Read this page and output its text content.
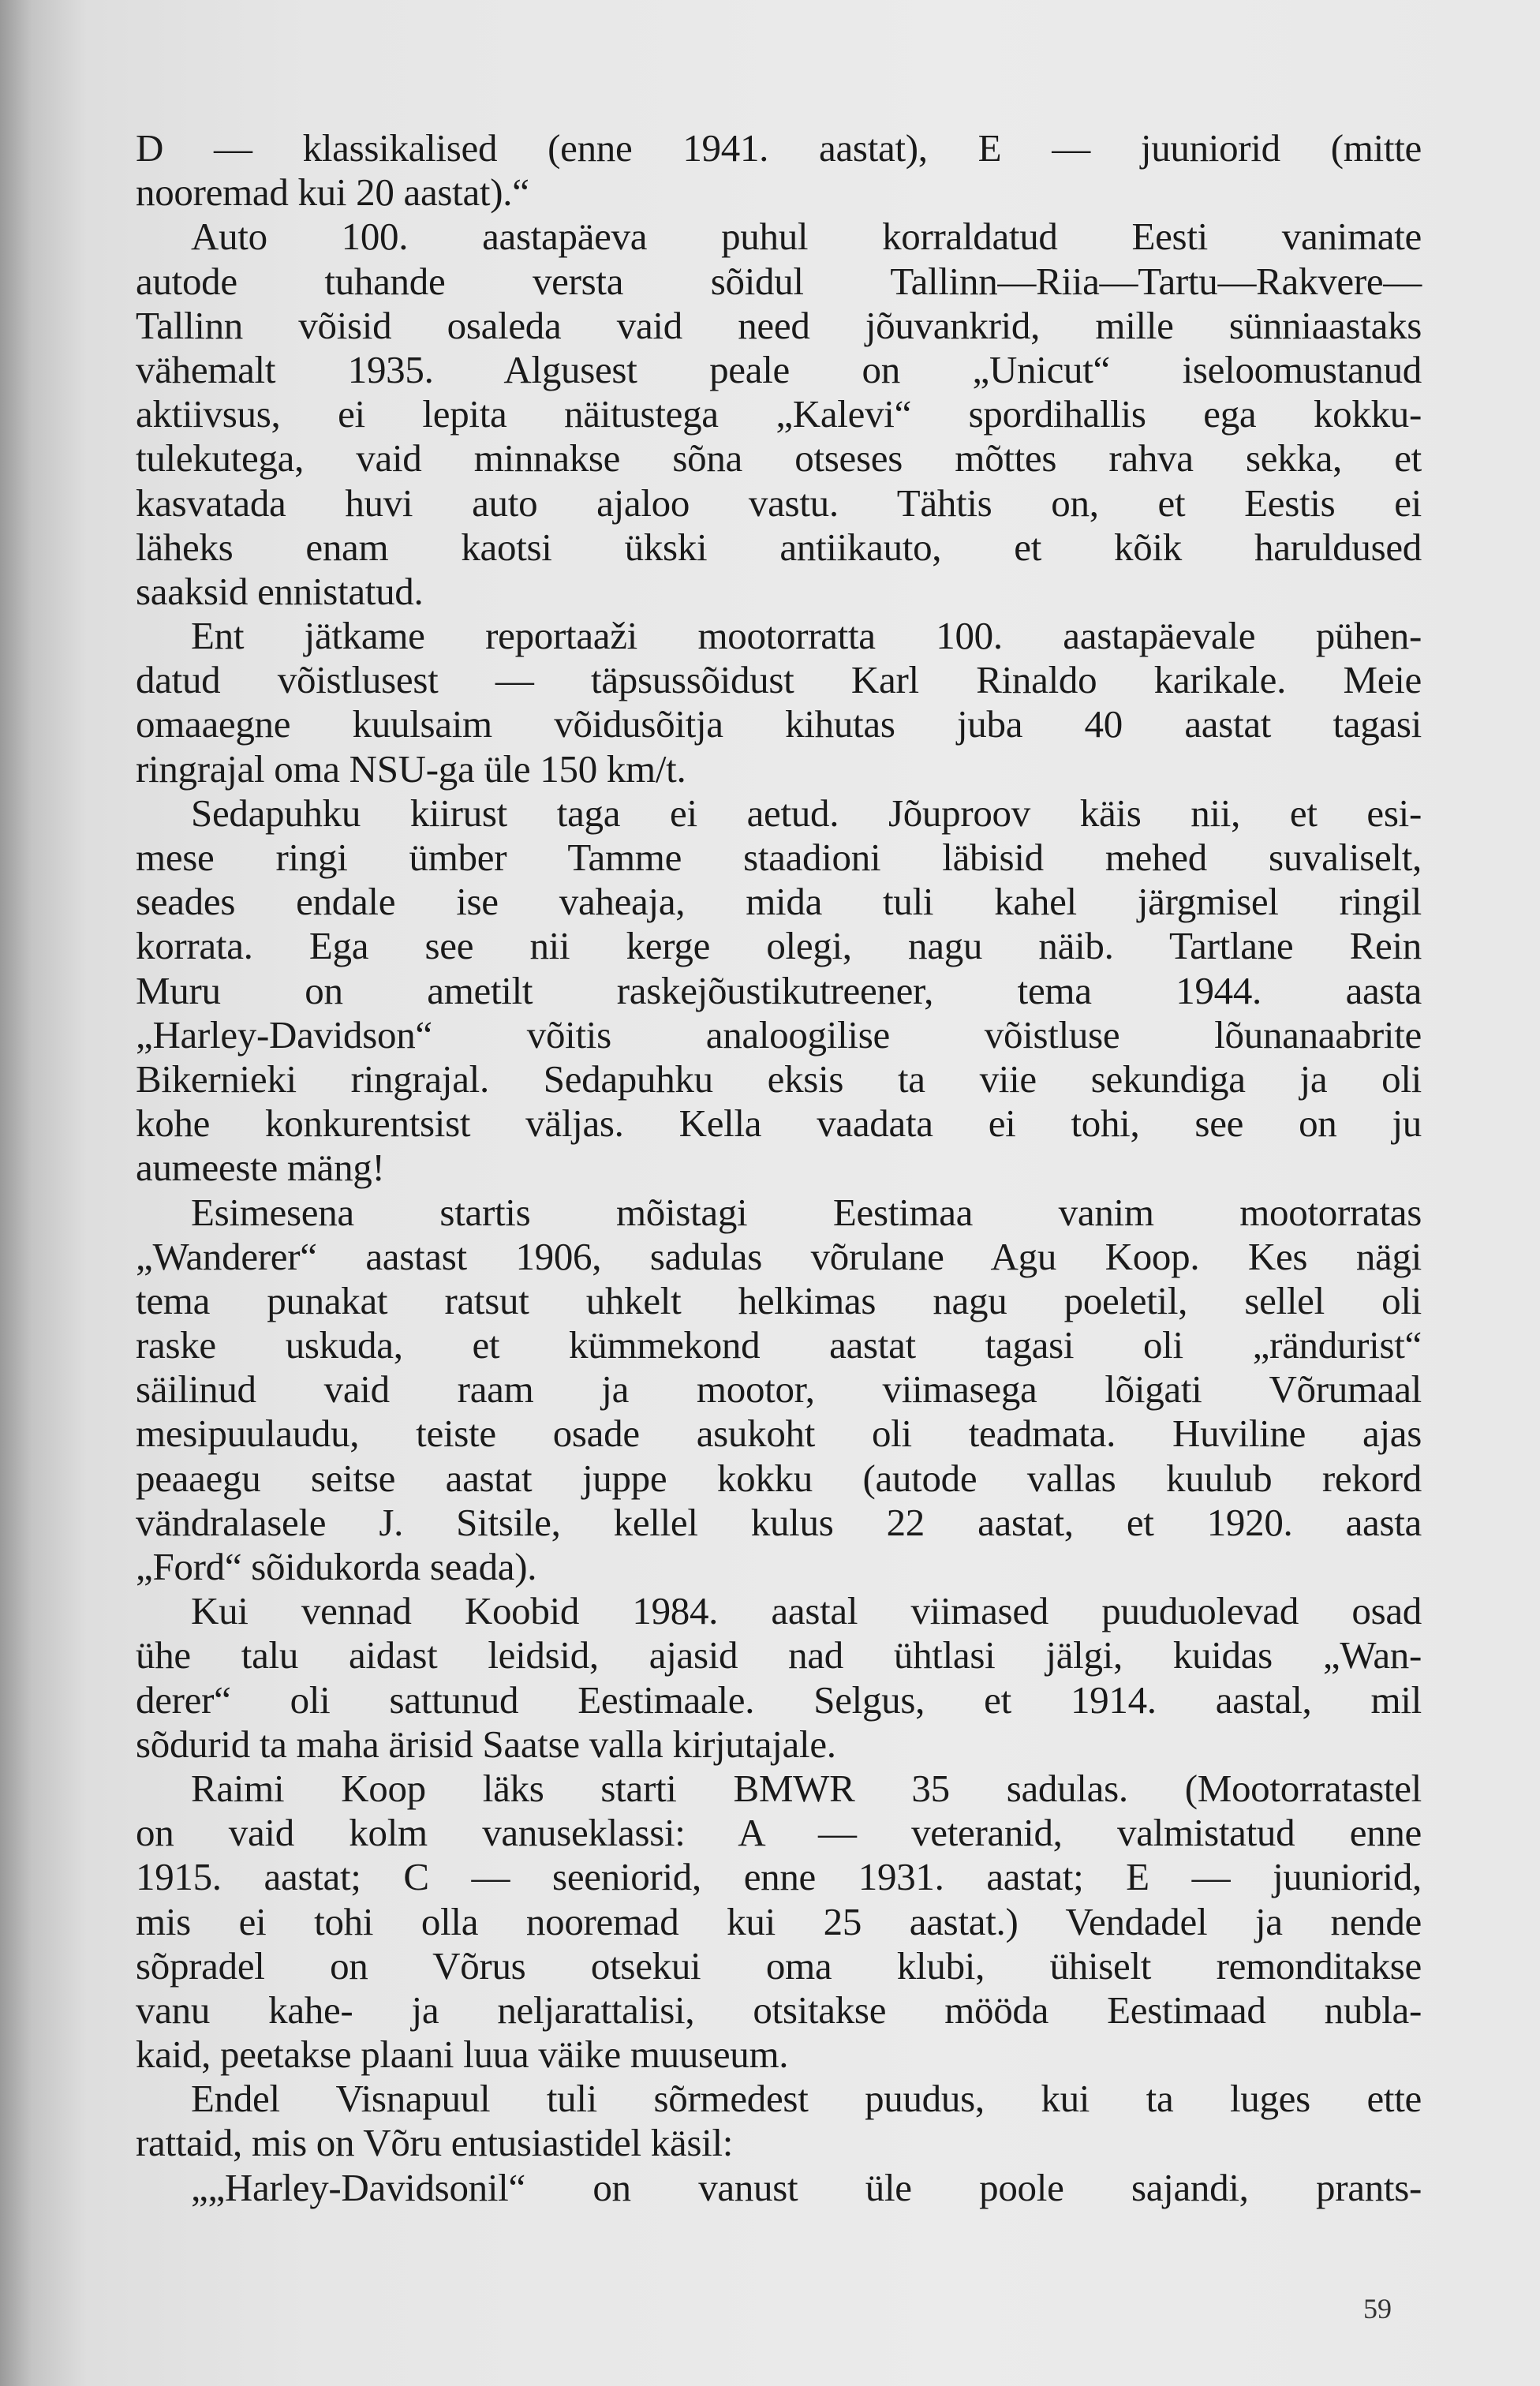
D — klassikalised (enne 1941. aastat), E — juuniorid (mitte
nooremad kui 20 aastat).“
Auto 100. aastapäeva puhul korraldatud Eesti vanimate
autode tuhande versta sõidul Tallinn—Riia—Tartu—Rakvere—
Tallinn võisid osaleda vaid need jõuvankrid, mille sünniaastaks
vähemalt 1935. Algusest peale on „Unicut“ iseloomustanud
aktiivsus, ei lepita näitustega „Kalevi“ spordihallis ega kokku-
tulekutega, vaid minnakse sõna otseses mõttes rahva sekka, et
kasvatada huvi auto ajaloo vastu. Tähtis on, et Eestis ei
läheks enam kaotsi ükski antiikauto, et kõik haruldused
saaksid ennistatud.
Ent jätkame reportaaži mootorratta 100. aastapäevale pühen-
datud võistlusest — täpsussõidust Karl Rinaldo karikale. Meie
omaaegne kuulsaim võidusõitja kihutas juba 40 aastat tagasi
ringrajal oma NSU-ga üle 150 km/t.
Sedapuhku kiirust taga ei aetud. Jõuproov käis nii, et esi-
mese ringi ümber Tamme staadioni läbisid mehed suvaliselt,
seades endale ise vaheaja, mida tuli kahel järgmisel ringil
korrata. Ega see nii kerge olegi, nagu näib. Tartlane Rein
Muru on ametilt raskejõustikutreener, tema 1944. aasta
„Harley-Davidson“ võitis analoogilise võistluse lõunanaabrite
Bikernieki ringrajal. Sedapuhku eksis ta viie sekundiga ja oli
kohe konkurentsist väljas. Kella vaadata ei tohi, see on ju
aumeeste mäng!
Esimesena startis mõistagi Eestimaa vanim mootorratas
„Wanderer“ aastast 1906, sadulas võrulane Agu Koop. Kes nägi
tema punakat ratsut uhkelt helkimas nagu poeletil, sellel oli
raske uskuda, et kümmekond aastat tagasi oli „rändurist“
säilinud vaid raam ja mootor, viimasega lõigati Võrumaal
mesipuulaudu, teiste osade asukoht oli teadmata. Huviline ajas
peaaegu seitse aastat juppe kokku (autode vallas kuulub rekord
vändralasele J. Sitsile, kellel kulus 22 aastat, et 1920. aasta
„Ford“ sõidukorda seada).
Kui vennad Koobid 1984. aastal viimased puuduolevad osad
ühe talu aidast leidsid, ajasid nad ühtlasi jälgi, kuidas „Wan-
derer“ oli sattunud Eestimaale. Selgus, et 1914. aastal, mil
sõdurid ta maha ärisid Saatse valla kirjutajale.
Raimi Koop läks starti BMWR 35 sadulas. (Mootorratastel
on vaid kolm vanuseklassi: A — veteranid, valmistatud enne
1915. aastat; C — seeniorid, enne 1931. aastat; E — juuniorid,
mis ei tohi olla nooremad kui 25 aastat.) Vendadel ja nende
sõpradel on Võrus otsekui oma klubi, ühiselt remonditakse
vanu kahe- ja neljarattalisi, otsitakse mööda Eestimaad nubla-
kaid, peetakse plaani luua väike muuseum.
Endel Visnapuul tuli sõrmedest puudus, kui ta luges ette
rattaid, mis on Võru entusiastidel käsil:
„„Harley-Davidsonil“ on vanust üle poole sajandi, prants-
59
